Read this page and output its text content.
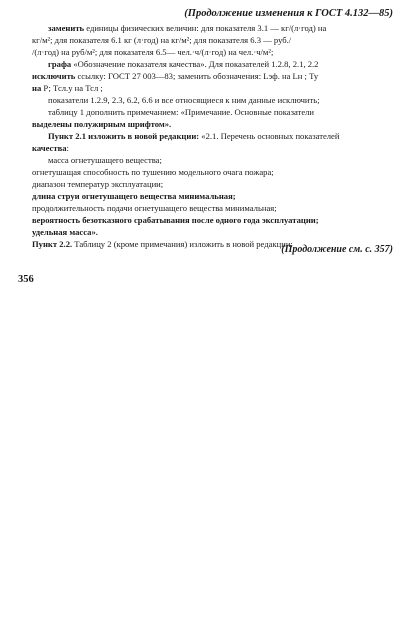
(Продолжение изменения к ГОСТ 4.132—85)
заменить единицы физических величин: для показателя 3.1 — кг/(л·год) на
кг/м²; для показателя 6.1 кг (л·год) на кг/м²; для показателя 6.3 — руб./
/(л·год) на руб/м²; для показателя 6.5— чел.·ч/(л·год) на чел.·ч/м²;
графа «Обозначение показателя качества». Для показателей 1.2.8, 2.1, 2.2
исключить ссылку: ГОСТ 27 003—83; заменить обозначения: Lэф. на Lн ; Ту
на Р; Тсл.у на Тсл ;
показатели 1.2.9, 2.3, 6.2, 6.6 и все относящиеся к ним данные исключить;
таблицу 1 дополнить примечанием: «Примечание. Основные показатели
выделены полужирным шрифтом».
Пункт 2.1 изложить в новой редакции: «2.1. Перечень основных показателей
качества:
масса огнетушащего вещества;
огнетушащая способность по тушению модельного очага пожара;
диапазон температур эксплуатации;
длина струи огнетушащего вещества минимальная;
продолжительность подачи огнетушащего вещества минимальная;
вероятность безотказного срабатывания после одного года эксплуатации;
удельная масса».
Пункт 2.2. Таблицу 2 (кроме примечания) изложить в новой редакции:
(Продолжение см. с. 357)
356
